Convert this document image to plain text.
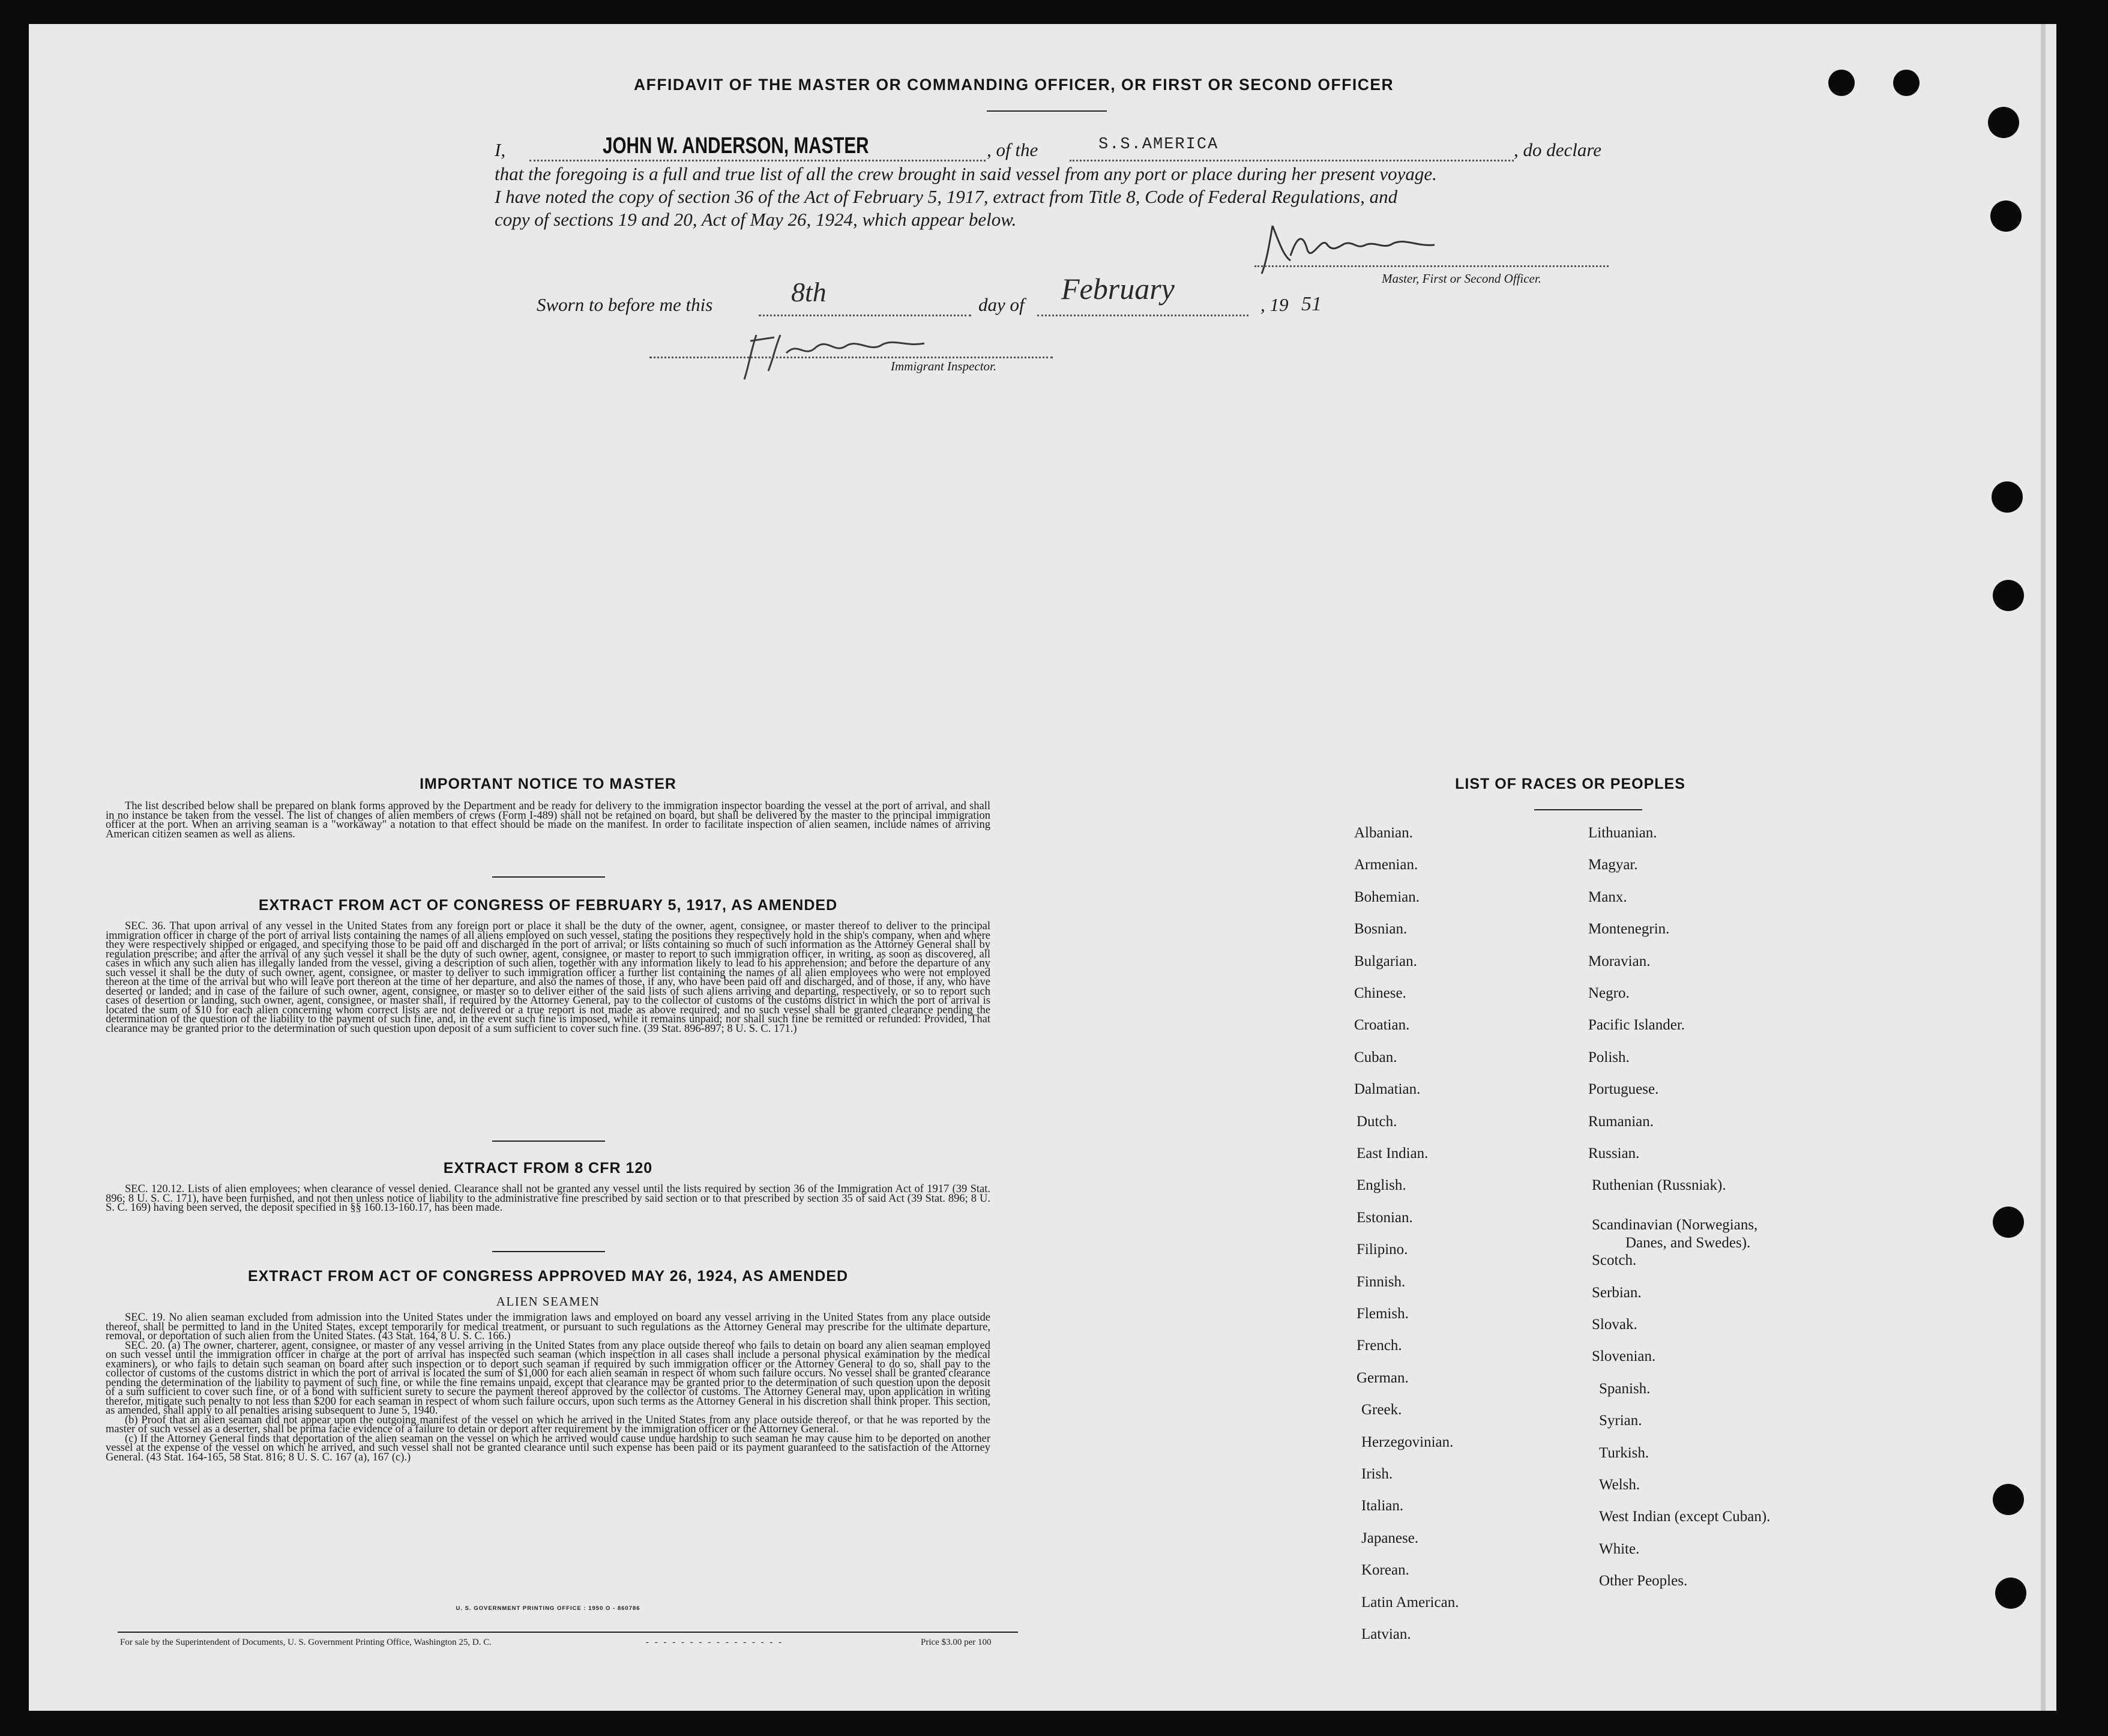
AFFIDAVIT OF THE MASTER OR COMMANDING OFFICER, OR FIRST OR SECOND OFFICER
I,	JOHN W. ANDERSON, MASTER	, of the	S.S.AMERICA	, do declare
that the foregoing is a full and true list of all the crew brought in said vessel from any port or place during her present voyage.
I have noted the copy of section 36 of the Act of February 5, 1917, extract from Title 8, Code of Federal Regulations, and
copy of sections 19 and 20, Act of May 26, 1924, which appear below.
Master, First or Second Officer.
Sworn to before me this	8th	day of February	, 19 51
Immigrant Inspector.
IMPORTANT NOTICE TO MASTER

The list described below shall be prepared on blank forms approved by the Department and be ready for delivery to the immigration inspector boarding the vessel at the port of arrival, and shall in no instance be taken from the vessel. The list of changes of alien members of crews (Form I-489) shall not be retained on board, but shall be delivered by the master to the principal immigration officer at the port. When an arriving seaman is a "workaway" a notation to that effect should be made on the manifest. In order to facilitate inspection of alien seamen, include names of arriving American citizen seamen as well as aliens.

EXTRACT FROM ACT OF CONGRESS OF FEBRUARY 5, 1917, AS AMENDED

SEC. 36. That upon arrival of any vessel in the United States from any foreign port or place it shall be the duty of the owner, agent, consignee, or master thereof to deliver to the principal immigration officer in charge of the port of arrival lists containing the names of all aliens employed on such vessel, stating the positions they respectively hold in the ship's company, when and where they were respectively shipped or engaged, and specifying those to be paid off and discharged in the port of arrival; or lists containing so much of such information as the Attorney General shall by regulation prescribe; and after the arrival of any such vessel it shall be the duty of such owner, agent, consignee, or master to report to such immigration officer, in writing, as soon as discovered, all cases in which any such alien has illegally landed from the vessel, giving a description of such alien, together with any information likely to lead to his apprehension; and before the departure of any such vessel it shall be the duty of such owner, agent, consignee, or master to deliver to such immigration officer a further list containing the names of all alien employees who were not employed thereon at the time of the arrival but who will leave port thereon at the time of her departure, and also the names of those, if any, who have been paid off and discharged, and of those, if any, who have deserted or landed; and in case of the failure of such owner, agent, consignee, or master so to deliver either of the said lists of such aliens arriving and departing, respectively, or so to report such cases of desertion or landing, such owner, agent, consignee, or master shall, if required by the Attorney General, pay to the collector of customs of the customs district in which the port of arrival is located the sum of $10 for each alien concerning whom correct lists are not delivered or a true report is not made as above required; and no such vessel shall be granted clearance pending the determination of the question of the liability to the payment of such fine, and, in the event such fine is imposed, while it remains unpaid; nor shall such fine be remitted or refunded: Provided, That clearance may be granted prior to the determination of such question upon deposit of a sum sufficient to cover such fine. (39 Stat. 896-897; 8 U. S. C. 171.)

EXTRACT FROM 8 CFR 120

SEC. 120.12. Lists of alien employees; when clearance of vessel denied. Clearance shall not be granted any vessel until the lists required by section 36 of the Immigration Act of 1917 (39 Stat. 896; 8 U. S. C. 171), have been furnished, and not then unless notice of liability to the administrative fine prescribed by said section or to that prescribed by section 35 of said Act (39 Stat. 896; 8 U. S. C. 169) having been served, the deposit specified in §§ 160.13-160.17, has been made.

EXTRACT FROM ACT OF CONGRESS APPROVED MAY 26, 1924, AS AMENDED
ALIEN SEAMEN

SEC. 19. No alien seaman excluded from admission into the United States under the immigration laws and employed on board any vessel arriving in the United States from any place outside thereof, shall be permitted to land in the United States, except temporarily for medical treatment, or pursuant to such regulations as the Attorney General may prescribe for the ultimate departure, removal, or deportation of such alien from the United States. (43 Stat. 164, 8 U. S. C. 166.)

SEC. 20. (a) The owner, charterer, agent, consignee, or master of any vessel arriving in the United States from any place outside thereof who fails to detain on board any alien seaman employed on such vessel until the immigration officer in charge at the port of arrival has inspected such seaman (which inspection in all cases shall include a personal physical examination by the medical examiners), or who fails to detain such seaman on board after such inspection or to deport such seaman if required by such immigration officer or the Attorney General to do so, shall pay to the collector of customs of the customs district in which the port of arrival is located the sum of $1,000 for each alien seaman in respect of whom such failure occurs. No vessel shall be granted clearance pending the determination of the liability to payment of such fine, or while the fine remains unpaid, except that clearance may be granted prior to the determination of such question upon the deposit of a sum sufficient to cover such fine, or of a bond with sufficient surety to secure the payment thereof approved by the collector of customs. The Attorney General may, upon application in writing therefor, mitigate such penalty to not less than $200 for each seaman in respect of whom such failure occurs, upon such terms as the Attorney General in his discretion shall think proper. This section, as amended, shall apply to all penalties arising subsequent to June 5, 1940.

(b) Proof that an alien seaman did not appear upon the outgoing manifest of the vessel on which he arrived in the United States from any place outside thereof, or that he was reported by the master of such vessel as a deserter, shall be prima facie evidence of a failure to detain or deport after requirement by the immigration officer or the Attorney General.

(c) If the Attorney General finds that deportation of the alien seaman on the vessel on which he arrived would cause undue hardship to such seaman he may cause him to be deported on another vessel at the expense of the vessel on which he arrived, and such vessel shall not be granted clearance until such expense has been paid or its payment guaranteed to the satisfaction of the Attorney General. (43 Stat. 164-165, 58 Stat. 816; 8 U. S. C. 167 (a), 167 (c).)

U. S. GOVERNMENT PRINTING OFFICE : 1950 O - 860786
For sale by the Superintendent of Documents, U. S. Government Printing Office, Washington 25, D. C.	- - - - - - - - - - - - - - - -	Price $3.00 per 100
LIST OF RACES OR PEOPLES
Albanian.
Armenian.
Bohemian.
Bosnian.
Bulgarian.
Chinese.
Croatian.
Cuban.
Dalmatian.
Dutch.
East Indian.
English.
Estonian.
Filipino.
Finnish.
Flemish.
French.
German.
Greek.
Herzegovinian.
Irish.
Italian.
Japanese.
Korean.
Latin American.
Latvian.
Lithuanian.
Magyar.
Manx.
Montenegrin.
Moravian.
Negro.
Pacific Islander.
Polish.
Portuguese.
Rumanian.
Russian.
Ruthenian (Russniak).
Scandinavian (Norwegians,
Danes, and Swedes).
Scotch.
Serbian.
Slovak.
Slovenian.
Spanish.
Syrian.
Turkish.
Welsh.
West Indian (except Cuban).
White.
Other Peoples.
